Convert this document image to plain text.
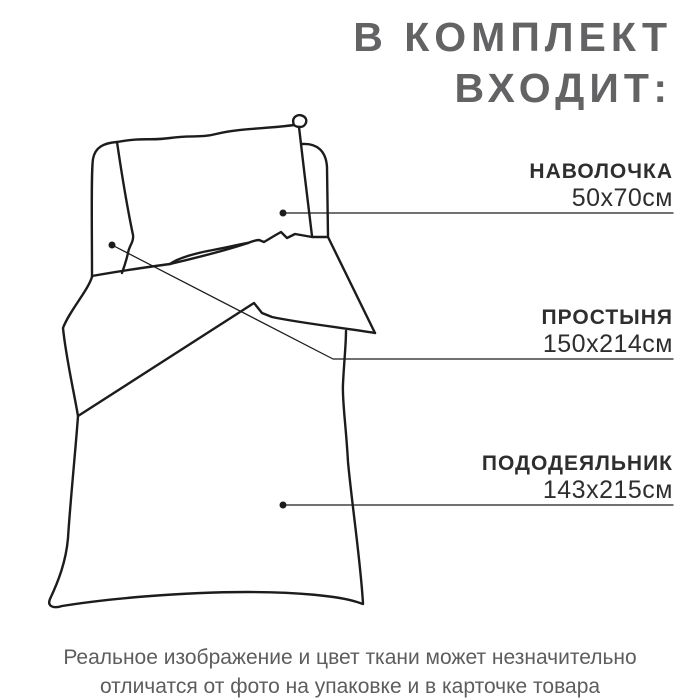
В КОМПЛЕКТ
ВХОДИТ:
НАВОЛОЧКА
50х70см
ПРОСТЫНЯ
150х214см
ПОДОДЕЯЛЬНИК
143х215см
Реальное изображение и цвет ткани может незначительно
отличатся от фото на упаковке и в карточке товара
